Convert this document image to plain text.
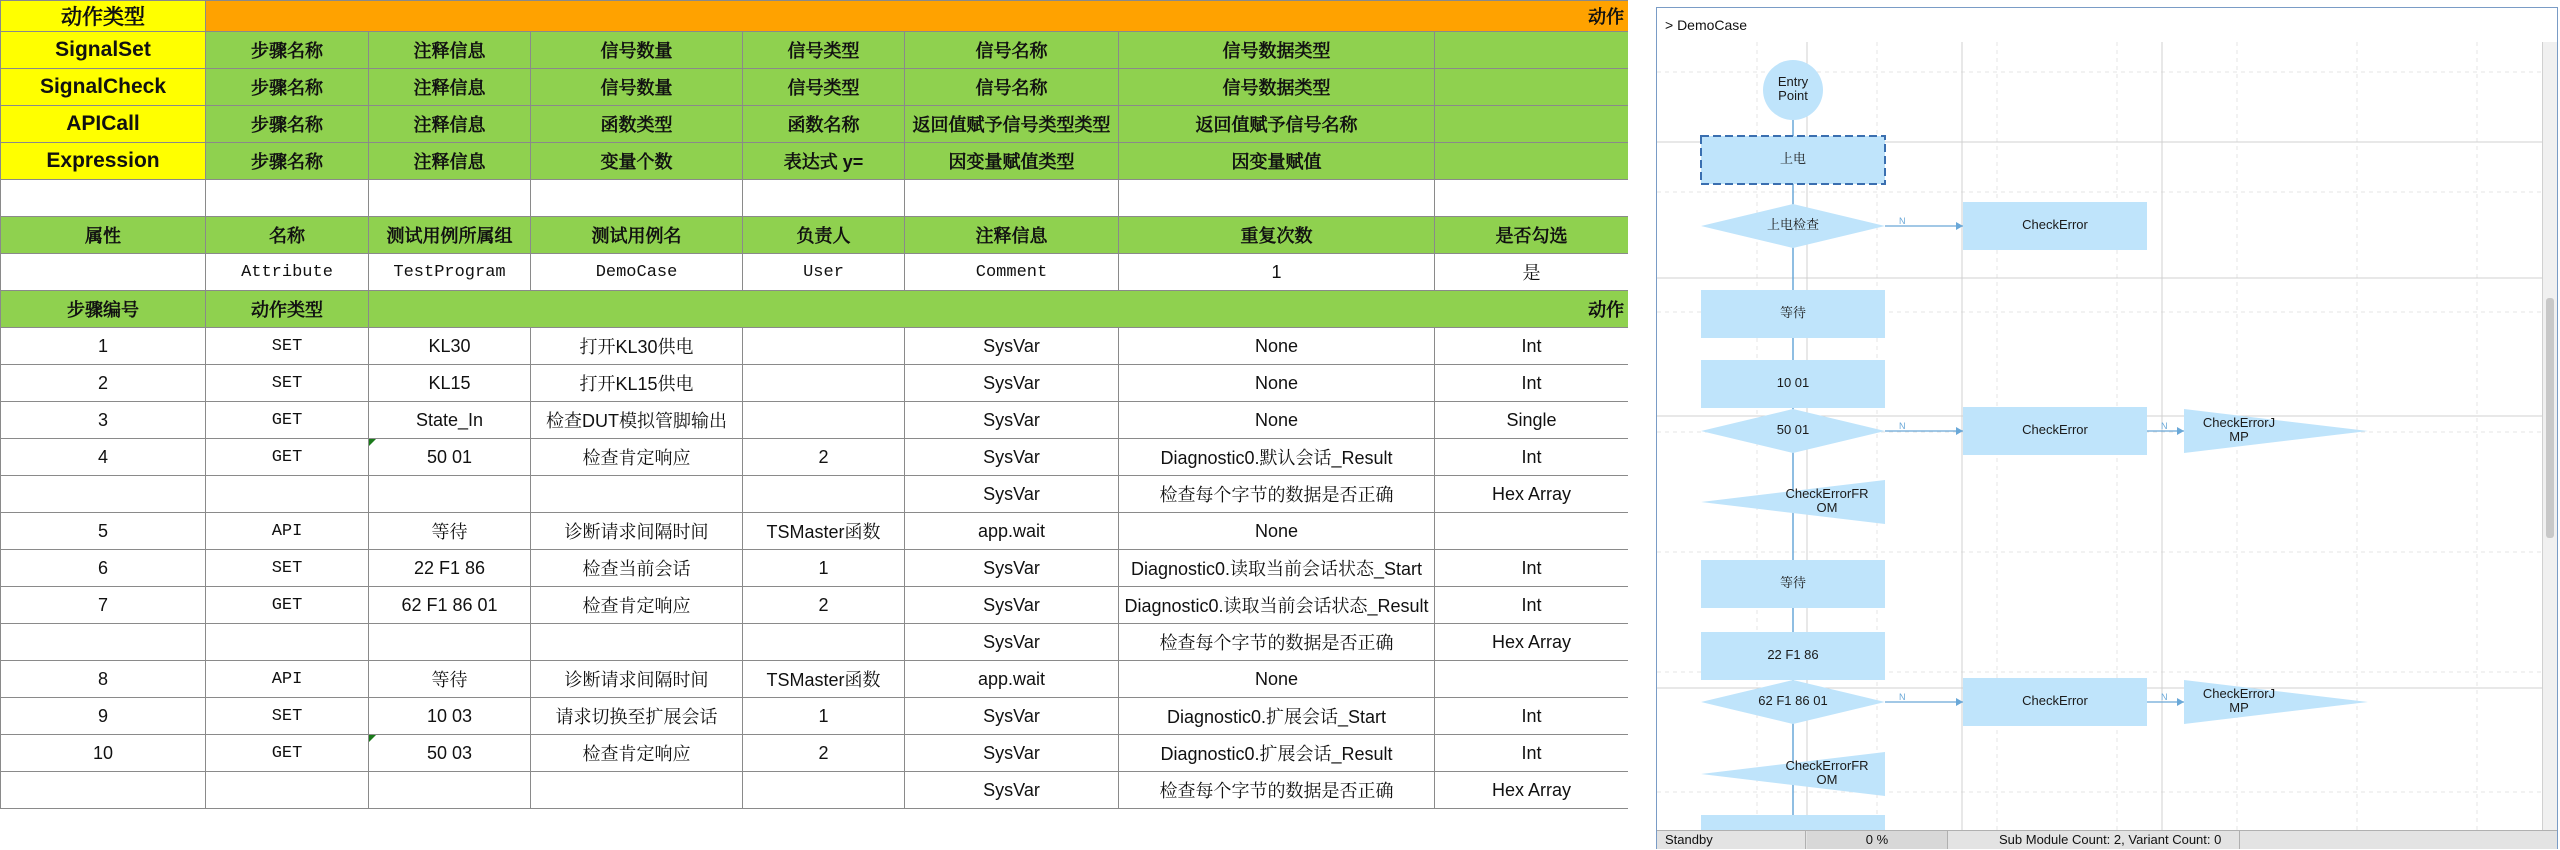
动作类型	动作						
SignalSet	步骤名称	注释信息	信号数量	信号类型	信号名称	信号数据类型	
SignalCheck	步骤名称	注释信息	信号数量	信号类型	信号名称	信号数据类型	
APICall	步骤名称	注释信息	函数类型	函数名称	返回值赋予信号类型类型	返回值赋予信号名称	
Expression	步骤名称	注释信息	变量个数	表达式 y=	因变量赋值类型	因变量赋值	

属性	名称	测试用例所属组	测试用例名	负责人	注释信息	重复次数	是否勾选
	Attribute	TestProgram	DemoCase	User	Comment	1	是
步骤编号	动作类型	动作					
1	SET	KL30	打开KL30供电		SysVar	None	Int
2	SET	KL15	打开KL15供电		SysVar	None	Int
3	GET	State_In	检查DUT模拟管脚输出		SysVar	None	Single
4	GET	50 01	检查肯定响应	2	SysVar	Diagnostic0.默认会话_Result	Int
					SysVar	检查每个字节的数据是否正确	Hex Array
5	API	等待	诊断请求间隔时间	TSMaster函数	app.wait	None	
6	SET	22 F1 86	检查当前会话	1	SysVar	Diagnostic0.读取当前会话状态_Start	Int
7	GET	62 F1 86 01	检查肯定响应	2	SysVar	Diagnostic0.读取当前会话状态_Result	Int
					SysVar	检查每个字节的数据是否正确	Hex Array
8	API	等待	诊断请求间隔时间	TSMaster函数	app.wait	None	
9	SET	10 03	请求切换至扩展会话	1	SysVar	Diagnostic0.扩展会话_Start	Int
10	GET	50 03	检查肯定响应	2	SysVar	Diagnostic0.扩展会话_Result	Int
					SysVar	检查每个字节的数据是否正确	Hex Array
> DemoCase
Entry Point
上电
上电检查	N	CheckError
等待
10 01
50 01	N	CheckError	N	CheckErrorJ MP
CheckErrorFR OM
等待
22 F1 86
62 F1 86 01	N	CheckError	N	CheckErrorJ MP
CheckErrorFR OM
Standby	0 %	Sub Module Count: 2, Variant Count: 0
